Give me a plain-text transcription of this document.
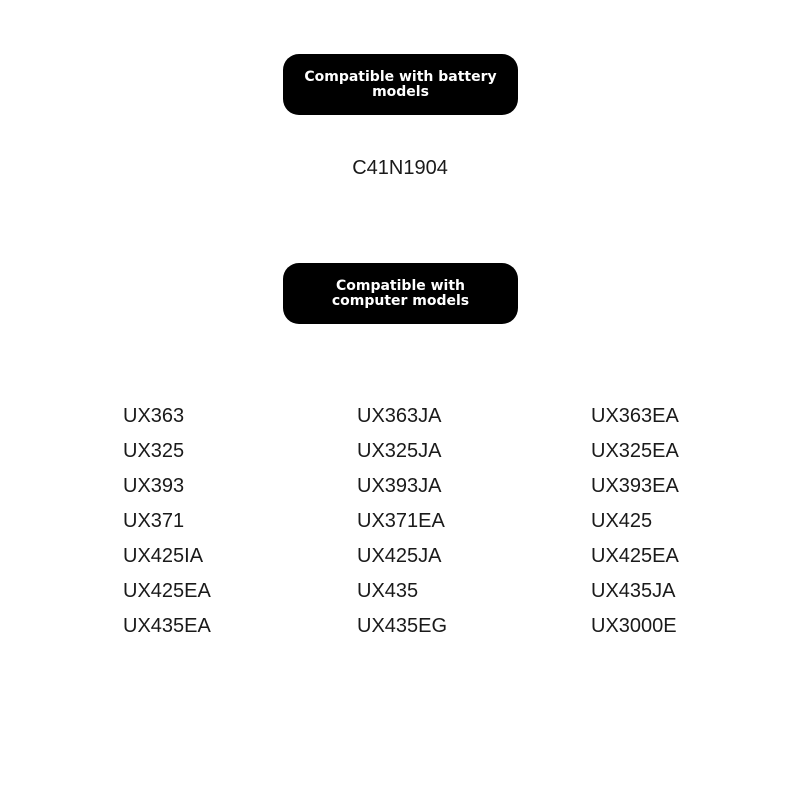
Compatible with battery models
C41N1904
Compatible with computer models
UX363	UX363JA	UX363EA
UX325	UX325JA	UX325EA
UX393	UX393JA	UX393EA
UX371	UX371EA	UX425
UX425IA	UX425JA	UX425EA
UX425EA	UX435	UX435JA
UX435EA	UX435EG	UX3000E
